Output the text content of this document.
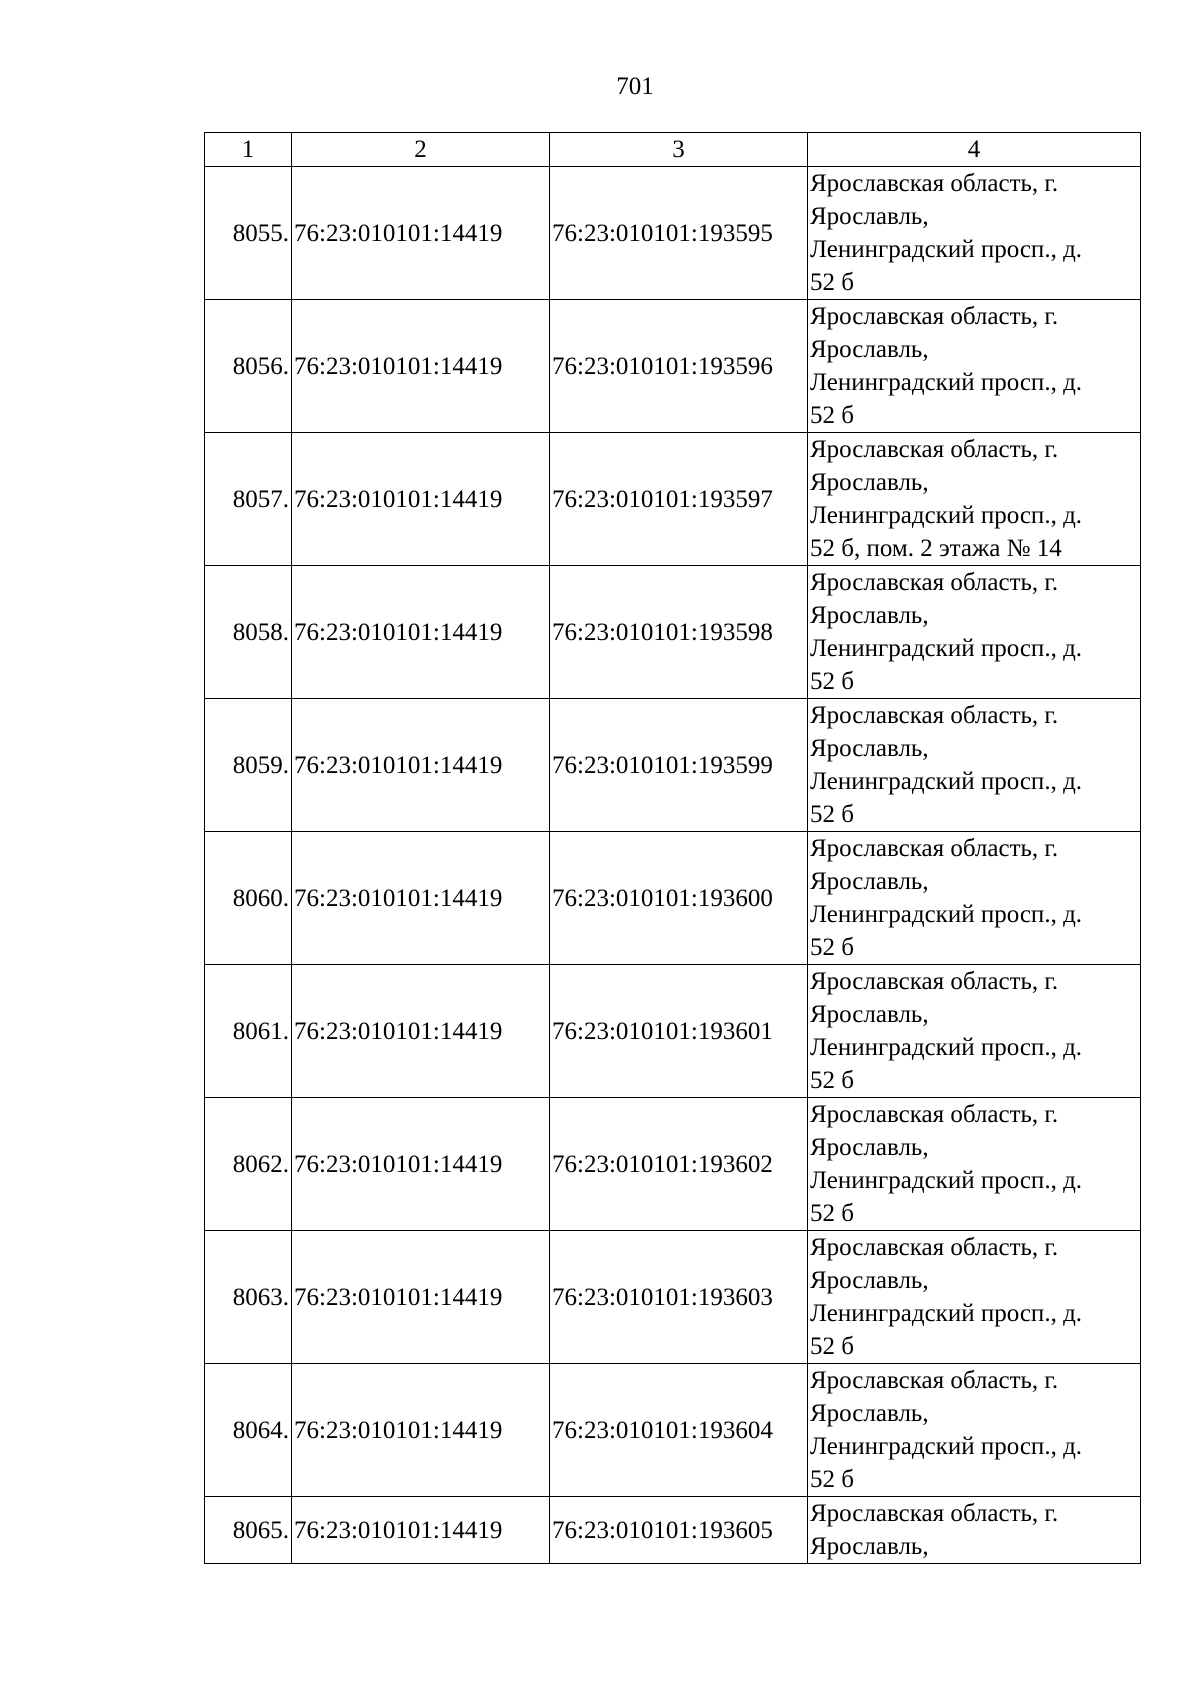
701
1	2	3	4
8055.	76:23:010101:14419	76:23:010101:193595	Ярославская область, г.
Ярославль,
Ленинградский просп., д.
52 б

8056.	76:23:010101:14419	76:23:010101:193596	Ярославская область, г.
Ярославль,
Ленинградский просп., д.
52 б

8057.	76:23:010101:14419	76:23:010101:193597	Ярославская область, г.
Ярославль,
Ленинградский просп., д.
52 б, пом. 2 этажа № 14

8058.	76:23:010101:14419	76:23:010101:193598	Ярославская область, г.
Ярославль,
Ленинградский просп., д.
52 б

8059.	76:23:010101:14419	76:23:010101:193599	Ярославская область, г.
Ярославль,
Ленинградский просп., д.
52 б

8060.	76:23:010101:14419	76:23:010101:193600	Ярославская область, г.
Ярославль,
Ленинградский просп., д.
52 б

8061.	76:23:010101:14419	76:23:010101:193601	Ярославская область, г.
Ярославль,
Ленинградский просп., д.
52 б

8062.	76:23:010101:14419	76:23:010101:193602	Ярославская область, г.
Ярославль,
Ленинградский просп., д.
52 б

8063.	76:23:010101:14419	76:23:010101:193603	Ярославская область, г.
Ярославль,
Ленинградский просп., д.
52 б

8064.	76:23:010101:14419	76:23:010101:193604	Ярославская область, г.
Ярославль,
Ленинградский просп., д.
52 б

8065.	76:23:010101:14419	76:23:010101:193605	Ярославская область, г.
Ярославль,
